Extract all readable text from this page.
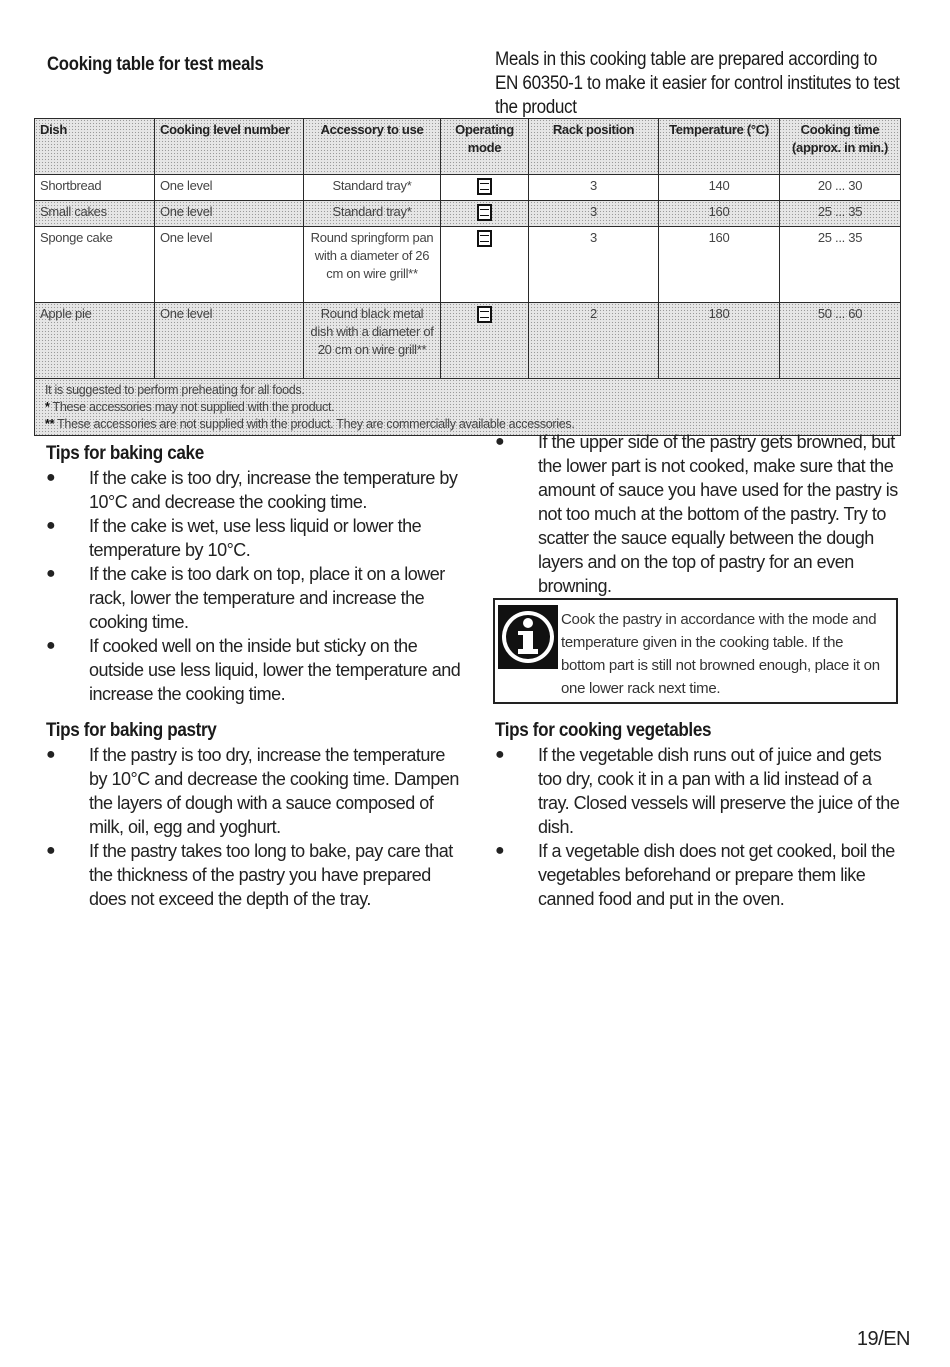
Cooking table for test meals	Meals in this cooking table are prepared according to EN 60350-1 to make it easier for control institutes to test the product
Dish	Cooking level number	Accessory to use	Operating mode	Rack position	Temperature (°C)	Cooking time (approx. in min.)
Shortbread	One level	Standard tray*		3	140	20 ... 30
Small cakes	One level	Standard tray*		3	160	25 ... 35
Sponge cake	One level	Round springform pan with a diameter of 26 cm on wire grill**		3	160	25 ... 35
Apple pie	One level	Round black metal dish with a diameter of 20 cm on wire grill**		2	180	50 ... 60

It is suggested to perform preheating for all foods.
* These accessories may not supplied with the product.
** These accessories are not supplied with the product. They are commercially available accessories.						
Tips for baking cake
● If the cake is too dry, increase the temperature by 10°C and decrease the cooking time.
● If the cake is wet, use less liquid or lower the temperature by 10°C.
● If the cake is too dark on top, place it on a lower rack, lower the temperature and increase the cooking time.
● If cooked well on the inside but sticky on the outside use less liquid, lower the temperature and increase the cooking time.
Tips for baking pastry
● If the pastry is too dry, increase the temperature by 10°C and decrease the cooking time. Dampen the layers of dough with a sauce composed of milk, oil, egg and yoghurt.
● If the pastry takes too long to bake, pay care that the thickness of the pastry you have prepared does not exceed the depth of the tray.
● If the upper side of the pastry gets browned, but the lower part is not cooked, make sure that the amount of sauce you have used for the pastry is not too much at the bottom of the pastry. Try to scatter the sauce equally between the dough layers and on the top of pastry for an even browning.
Cook the pastry in accordance with the mode and temperature given in the cooking table. If the bottom part is still not browned enough, place it on one lower rack next time.
Tips for cooking vegetables
● If the vegetable dish runs out of juice and gets too dry, cook it in a pan with a lid instead of a tray. Closed vessels will preserve the juice of the dish.
● If a vegetable dish does not get cooked, boil the vegetables beforehand or prepare them like canned food and put in the oven.
19/EN
